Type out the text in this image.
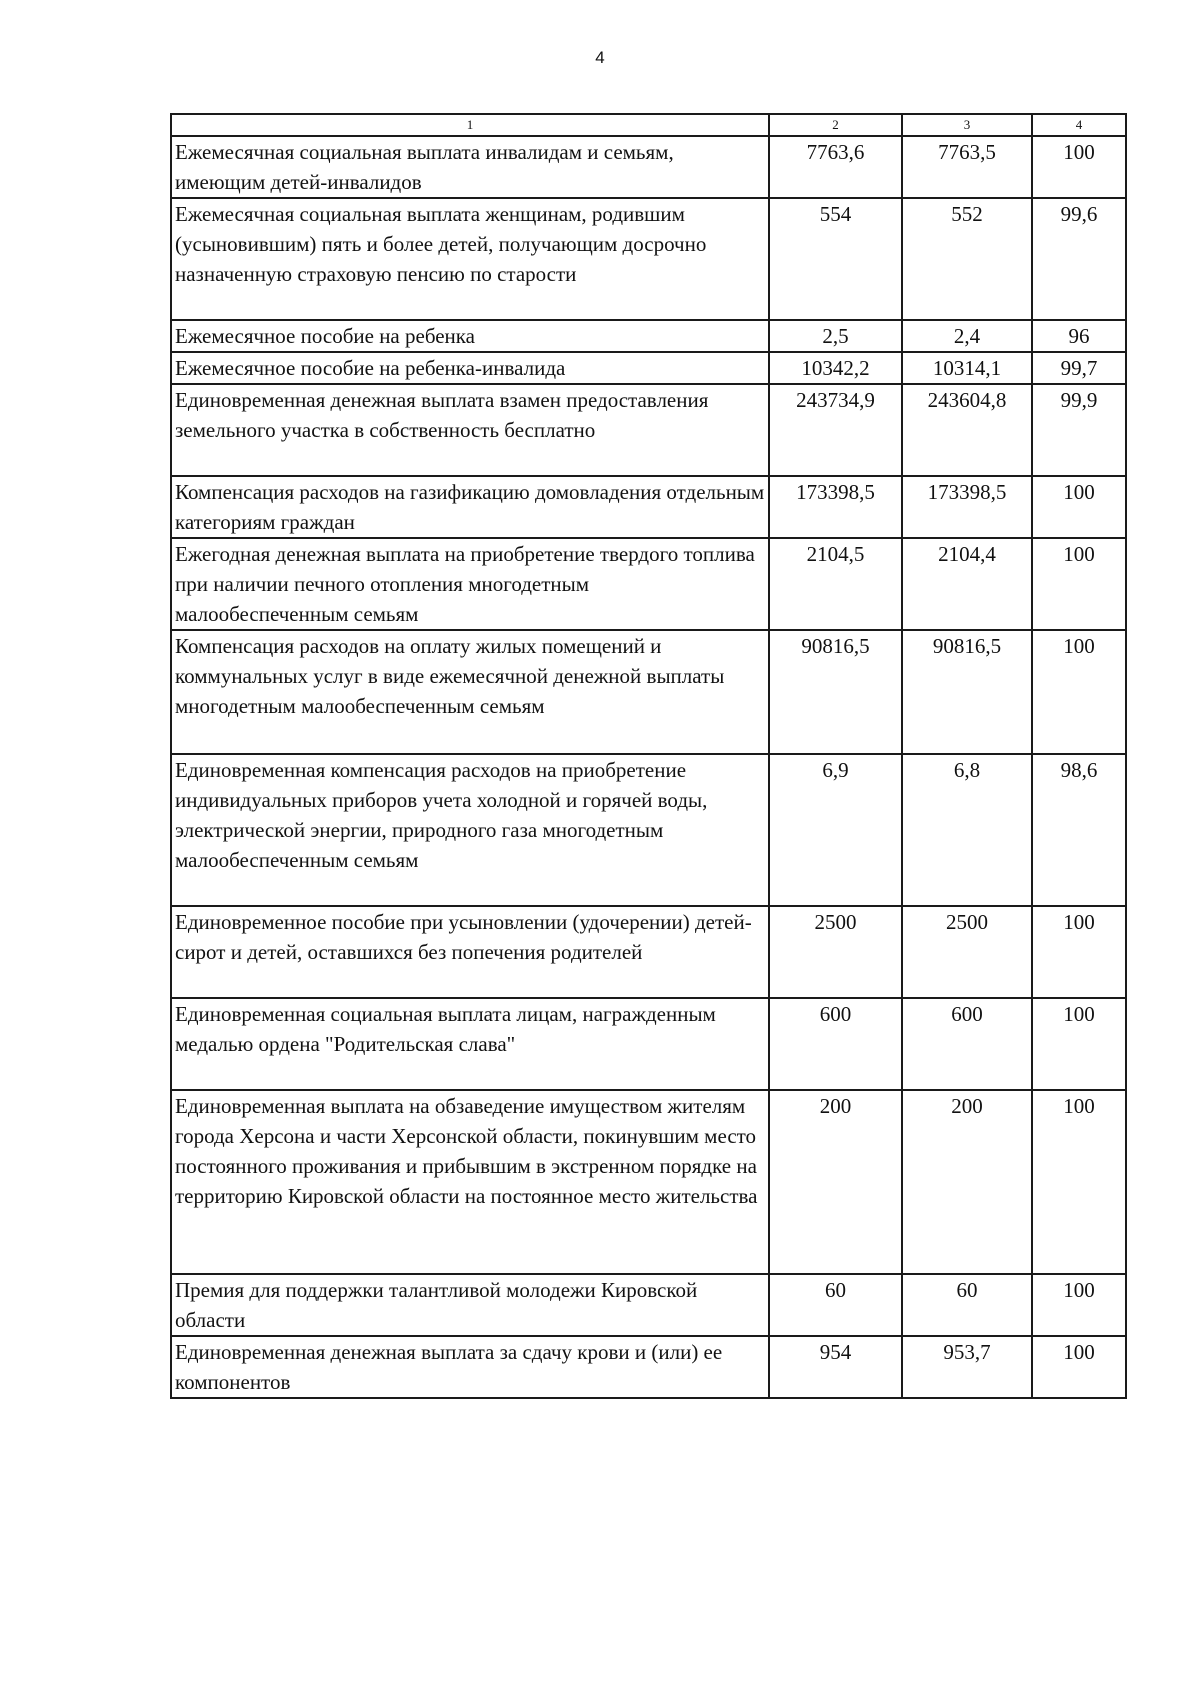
4
1	2	3	4
Ежемесячная социальная выплата инвалидам и семьям, имеющим детей-инвалидов	7763,6	7763,5	100
Ежемесячная социальная выплата женщинам, родившим (усыновившим) пять и более детей, получающим досрочно назначенную страховую пенсию по старости	554	552	99,6
Ежемесячное пособие на ребенка	2,5	2,4	96
Ежемесячное пособие на ребенка-инвалида	10342,2	10314,1	99,7
Единовременная денежная выплата взамен предоставления земельного участка в собственность бесплатно	243734,9	243604,8	99,9
Компенсация расходов на газификацию домовладения отдельным категориям граждан	173398,5	173398,5	100
Ежегодная денежная выплата на приобретение твердого топлива при наличии печного отопления многодетным малообеспеченным семьям	2104,5	2104,4	100
Компенсация расходов на оплату жилых помещений и коммунальных услуг в виде ежемесячной денежной выплаты многодетным малообеспеченным семьям	90816,5	90816,5	100
Единовременная компенсация расходов на приобретение индивидуальных приборов учета холодной и горячей воды, электрической энергии, природного газа многодетным малообеспеченным семьям	6,9	6,8	98,6
Единовременное пособие при усыновлении (удочерении) детей-сирот и детей, оставшихся без попечения родителей	2500	2500	100
Единовременная социальная выплата лицам, награжденным медалью ордена "Родительская слава"	600	600	100
Единовременная выплата на обзаведение имуществом жителям города Херсона и части Херсонской области, покинувшим место постоянного проживания и прибывшим в экстренном порядке на территорию Кировской области на постоянное место жительства	200	200	100
Премия для поддержки талантливой молодежи Кировской области	60	60	100
Единовременная денежная выплата за сдачу крови и (или) ее компонентов	954	953,7	100
